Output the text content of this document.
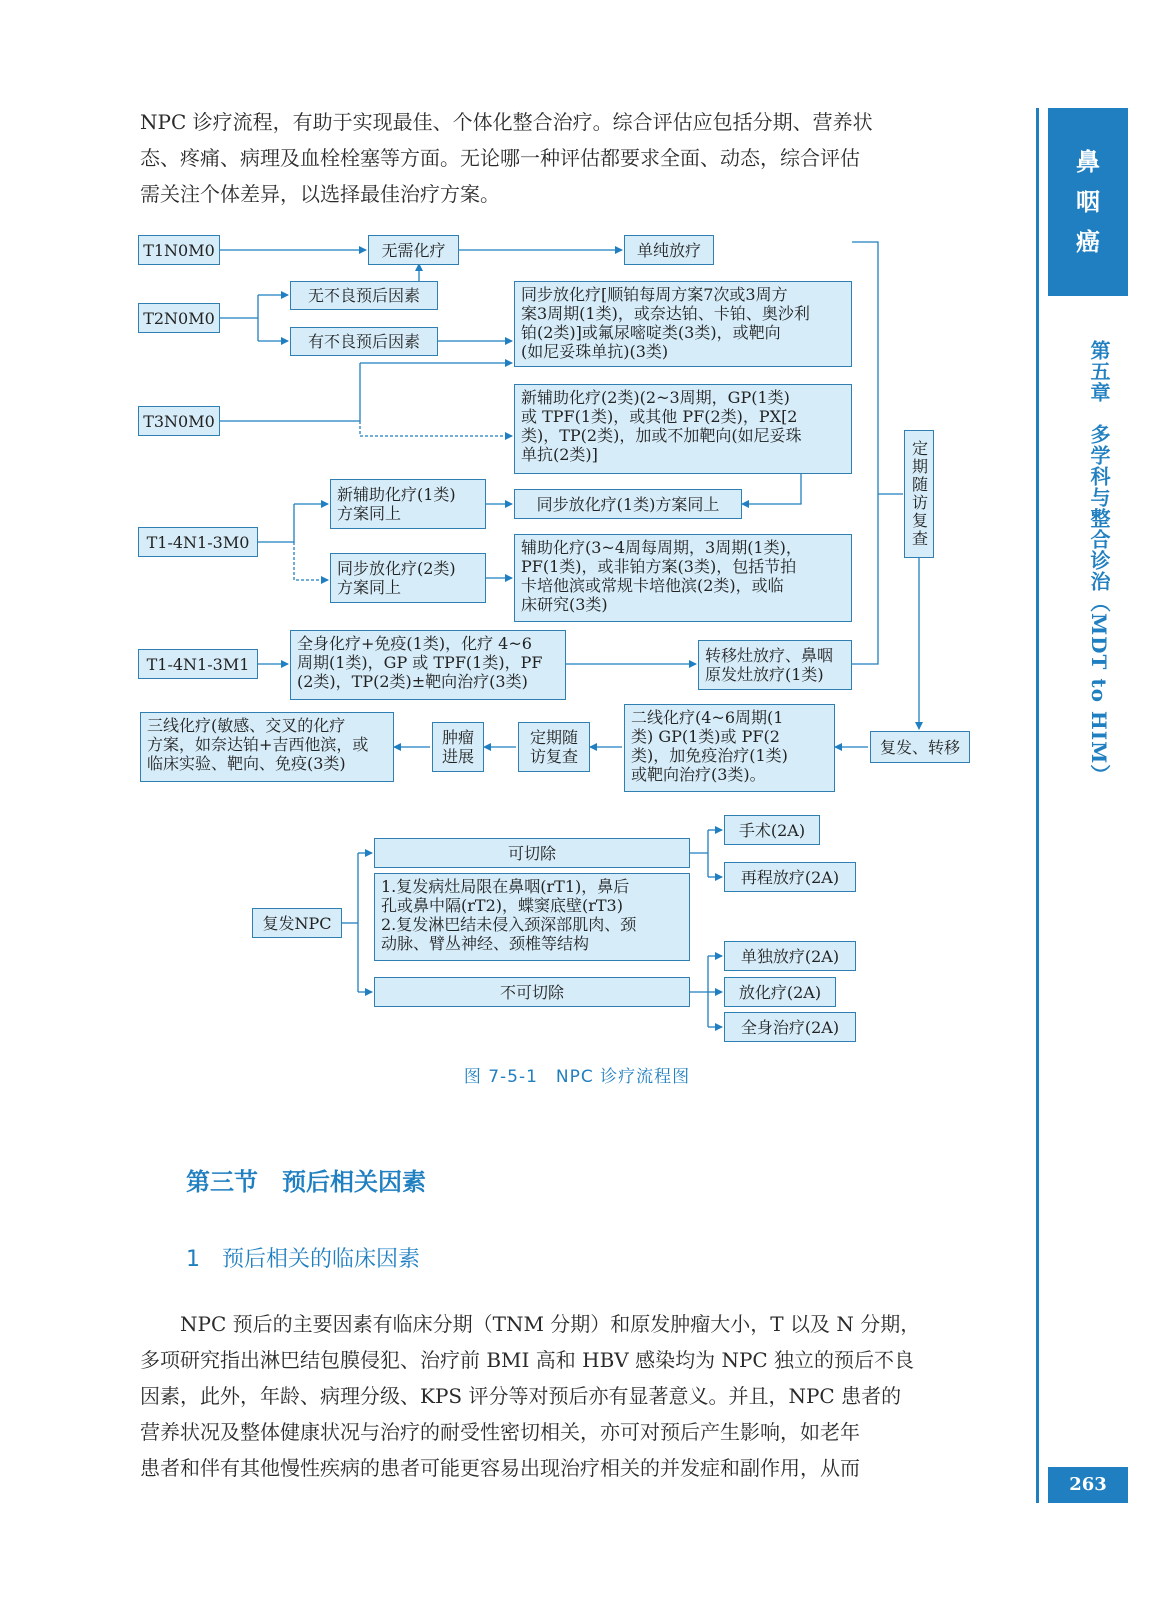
NPC 诊疗流程，有助于实现最佳、个体化整合治疗。综合评估应包括分期、营养状
态、疼痛、病理及血栓栓塞等方面。无论哪一种评估都要求全面、动态，综合评估
需关注个体差异，以选择最佳治疗方案。
T1N0M0	无需化疗	单纯放疗
T2N0M0
无不良预后因素
有不良预后因素
同步放化疗[顺铂每周方案7次或3周方
案3周期(1类)，或奈达铂、卡铂、奥沙利
铂(2类)]或氟尿嘧啶类(3类)，或靶向
(如尼妥珠单抗)(3类)
T3N0M0
新辅助化疗(2类)(2~3周期，GP(1类)
或 TPF(1类)，或其他 PF(2类)，PX[2
类)，TP(2类)，加或不加靶向(如尼妥珠
单抗(2类)]	定期随访复查
T1-4N1-3M0
新辅助化疗(1类)
方案同上	同步放化疗(1类)方案同上
同步放化疗(2类)
方案同上
辅助化疗(3~4周每周期，3周期(1类)，
PF(1类)，或非铂方案(3类)，包括节拍
卡培他滨或常规卡培他滨(2类)，或临
床研究(3类)
T1-4N1-3M1
全身化疗+免疫(1类)，化疗 4~6
周期(1类)，GP 或 TPF(1类)，PF
(2类)，TP(2类)±靶向治疗(3类)
转移灶放疗、鼻咽
原发灶放疗(1类)
复发、转移
二线化疗(4~6周期(1
类) GP(1类)或 PF(2
类)，加免疫治疗(1类)
或靶向治疗(3类)。
定期随
访复查
肿瘤
进展
三线化疗(敏感、交叉的化疗
方案，如奈达铂+吉西他滨，或
临床实验、靶向、免疫(3类)
复发NPC
可切除
1.复发病灶局限在鼻咽(rT1)，鼻后
孔或鼻中隔(rT2)，蝶窦底壁(rT3)
2.复发淋巴结未侵入颈深部肌肉、颈
动脉、臂丛神经、颈椎等结构
不可切除
手术(2A)
再程放疗(2A)
单独放疗(2A)
放化疗(2A)
全身治疗(2A)
图 7-5-1　NPC 诊疗流程图
第三节　预后相关因素
1　预后相关的临床因素
　　NPC 预后的主要因素有临床分期（TNM 分期）和原发肿瘤大小，T 以及 N 分期，
多项研究指出淋巴结包膜侵犯、治疗前 BMI 高和 HBV 感染均为 NPC 独立的预后不良
因素，此外，年龄、病理分级、KPS 评分等对预后亦有显著意义。并且，NPC 患者的
营养状况及整体健康状况与治疗的耐受性密切相关，亦可对预后产生影响，如老年
患者和伴有其他慢性疾病的患者可能更容易出现治疗相关的并发症和副作用，从而
鼻
咽
癌
第五章　多学科与整合诊治（MDT to HIM）
263
